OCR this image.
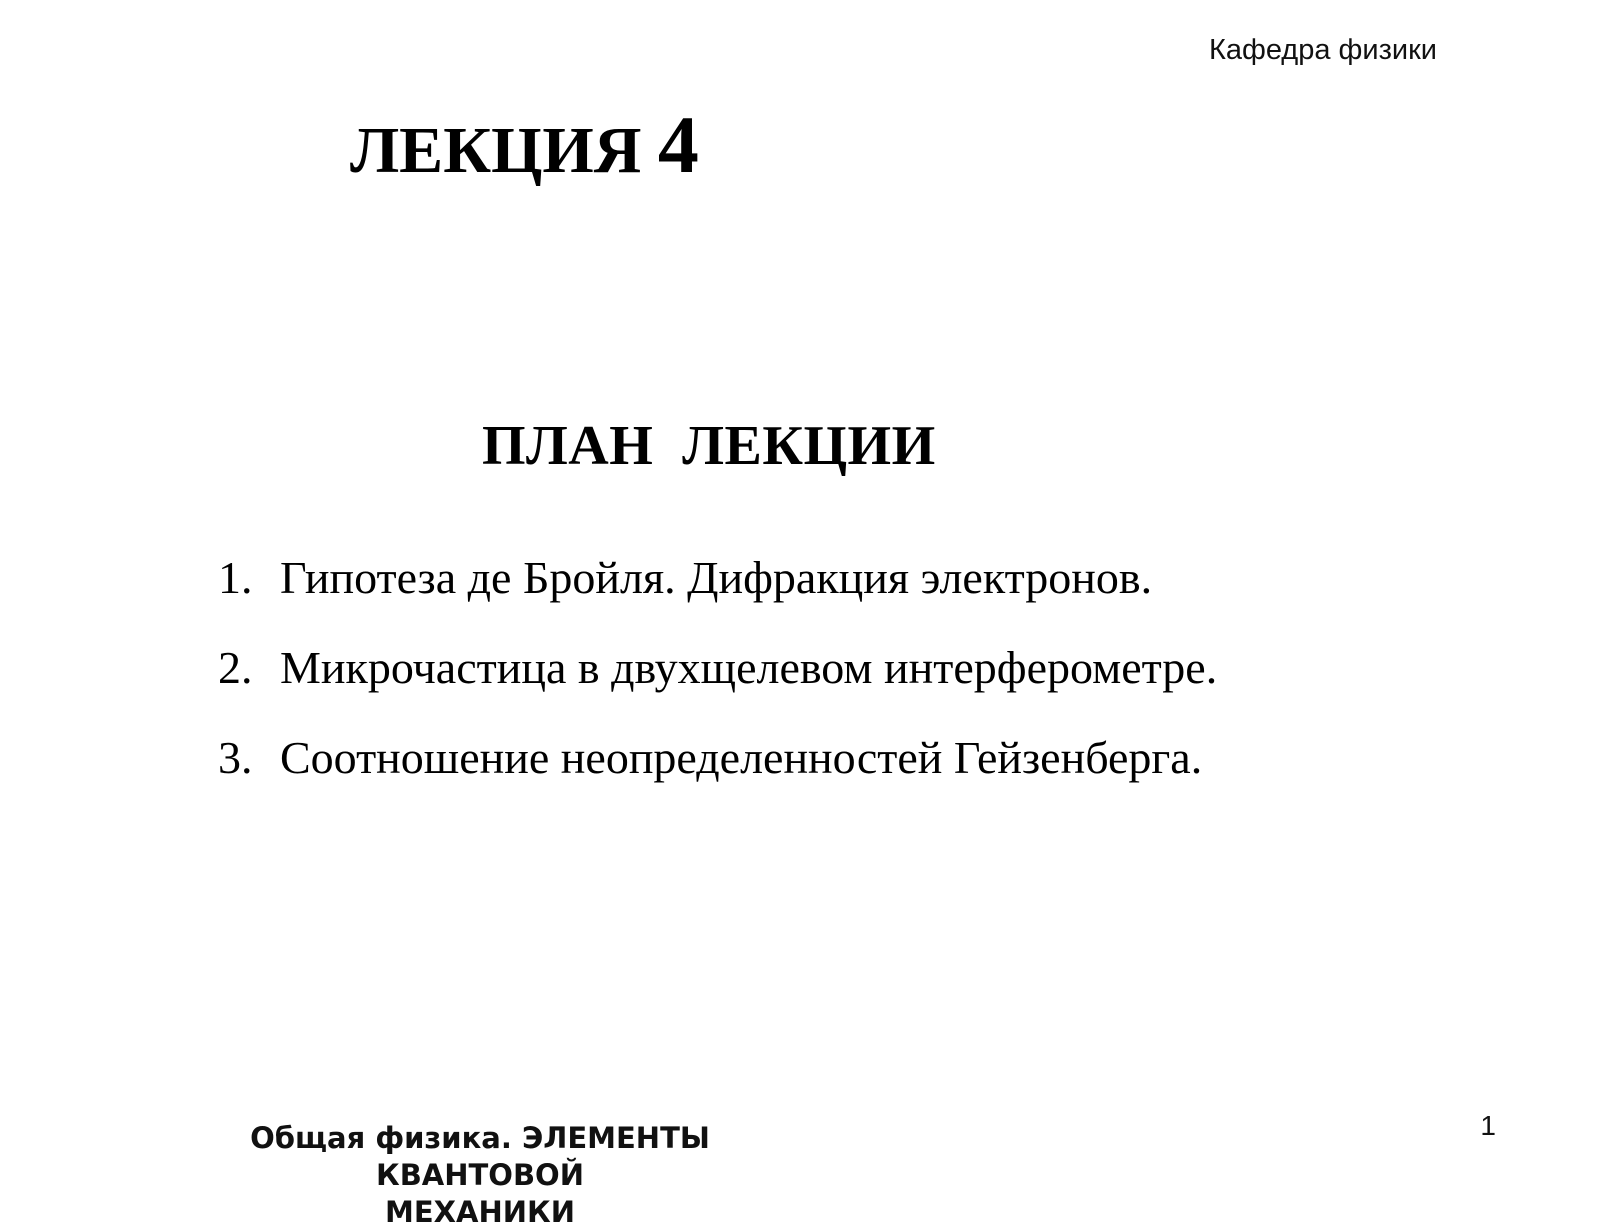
Кафедра физики
ЛЕКЦИЯ 4
ПЛАН  ЛЕКЦИИ
1. Гипотеза де Бройля. Дифракция электронов.
2. Микрочастица в двухщелевом интерферометре.
3. Соотношение неопределенностей Гейзенберга.
Общая физика. ЭЛЕМЕНТЫ КВАНТОВОЙ
МЕХАНИКИ
1
